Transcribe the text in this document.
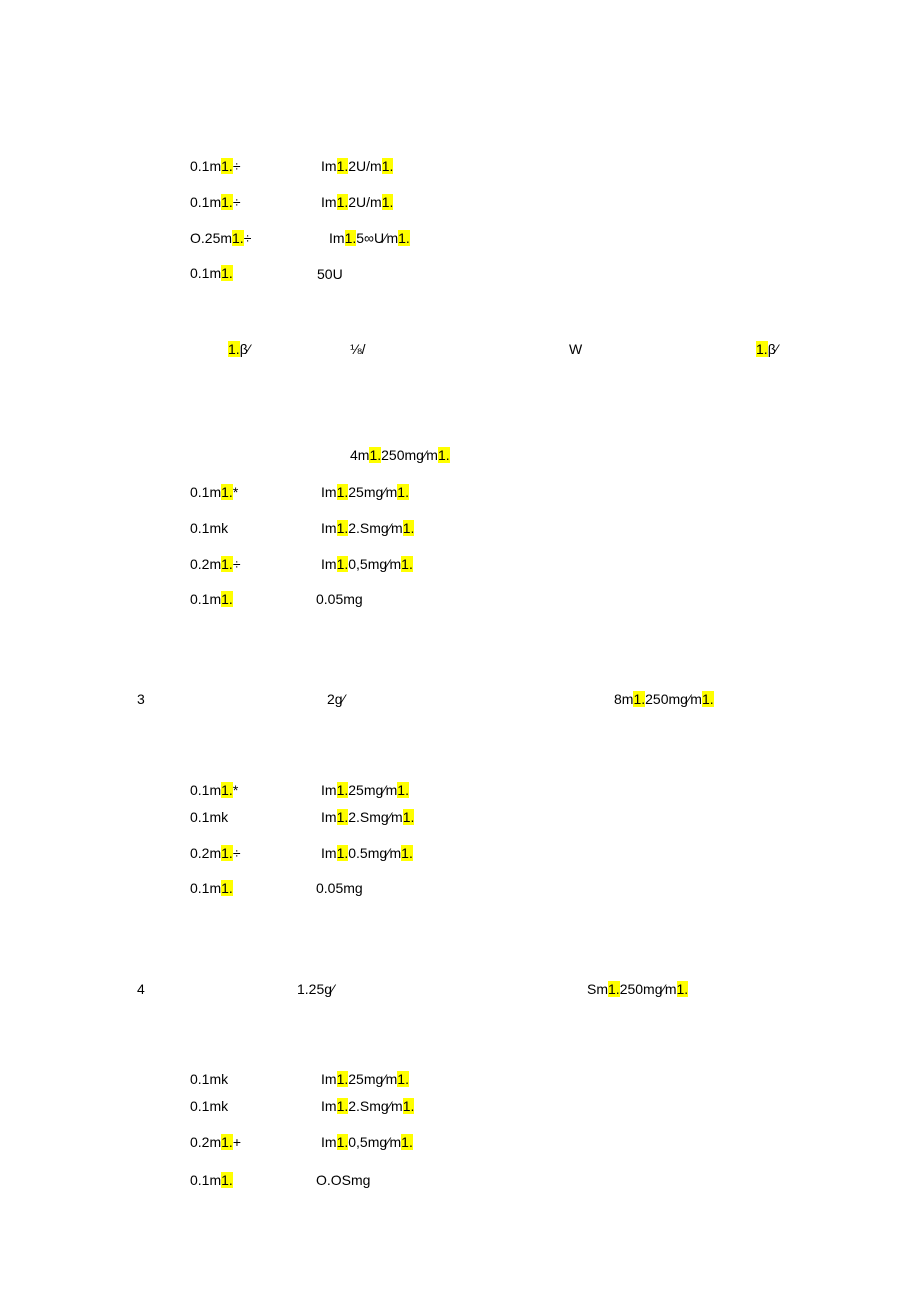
0.1m1.÷	Im1.2U/m1.
0.1m1.÷	Im1.2U/m1.
O.25m1.÷	Im1.5∞U⁄m1.
0.1m1.	50U
1.β⁄	⅛/	W	1.β⁄
4m1.250mg⁄m1.
0.1m1.*	Im1.25mg⁄m1.
0.1mk	Im1.2.Smg⁄m1.
0.2m1.÷	Im1.0,5mg⁄m1.
0.1m1.	0.05mg
3	2g⁄	8m1.250mg⁄m1.
0.1m1.*	Im1.25mg⁄m1.
0.1mk	Im1.2.Smg⁄m1.
0.2m1.÷	Im1.0.5mg⁄m1.
0.1m1.	0.05mg
4	1.25g⁄	Sm1.250mg⁄m1.
0.1mk	Im1.25mg⁄m1.
0.1mk	Im1.2.Smg⁄m1.
0.2m1.+	Im1.0,5mg⁄m1.
0.1m1.	O.OSmg
